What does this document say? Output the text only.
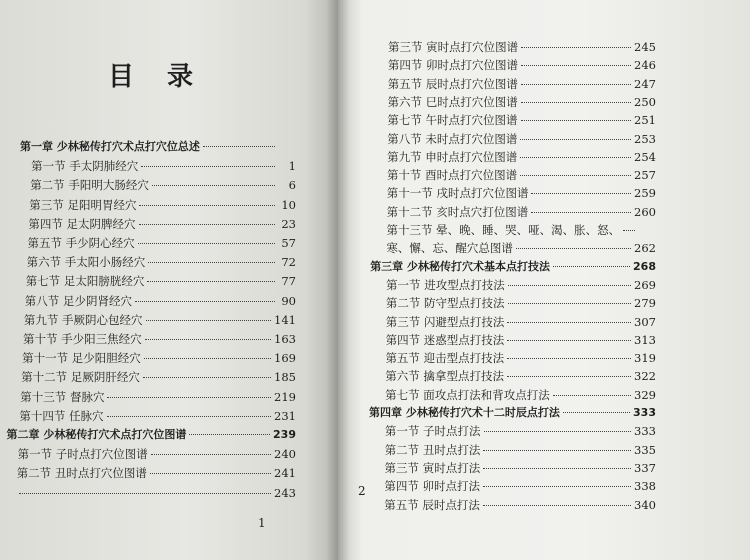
目 录
第一章 少林秘传打穴术点打穴位总述
第一节 手太阴肺经穴	1
第二节 手阳明大肠经穴	6
第三节 足阳明胃经穴	10
第四节 足太阴脾经穴	23
第五节 手少阴心经穴	57
第六节 手太阳小肠经穴	72
第七节 足太阳膀胱经穴	77
第八节 足少阴肾经穴	90
第九节 手厥阴心包经穴	141
第十节 手少阳三焦经穴	163
第十一节 足少阳胆经穴	169
第十二节 足厥阴肝经穴	185
第十三节 督脉穴	219
第十四节 任脉穴	231
第二章 少林秘传打穴术点打穴位图谱	239
第一节 子时点打穴位图谱	240
第二节 丑时点打穴位图谱	241
243
1
第三节 寅时点打穴位图谱	245
第四节 卯时点打穴位图谱	246
第五节 辰时点打穴位图谱	247
第六节 巳时点打穴位图谱	250
第七节 午时点打穴位图谱	251
第八节 未时点打穴位图谱	253
第九节 申时点打穴位图谱	254
第十节 酉时点打穴位图谱	257
第十一节 戌时点打穴位图谱	259
第十二节 亥时点穴打位图谱	260
第十三节 晕、晚、睡、哭、哑、渴、胀、怒、
寒、懈、忘、醒穴总图谱	262
第三章 少林秘传打穴术基本点打技法	268
第一节 进攻型点打技法	269
第二节 防守型点打技法	279
第三节 闪避型点打技法	307
第四节 迷惑型点打技法	313
第五节 迎击型点打技法	319
第六节 擒拿型点打技法	322
第七节 面攻点打法和背攻点打法	329
第四章 少林秘传打穴术十二时辰点打法	333
第一节 子时点打法	333
第二节 丑时点打法	335
第三节 寅时点打法	337
第四节 卯时点打法	338
第五节 辰时点打法	340
2
